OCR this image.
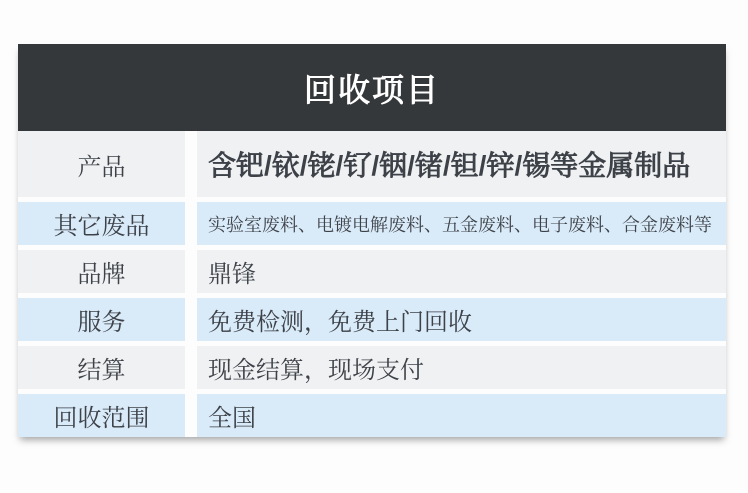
回收项目
产品	含钯/铱/铑/钌/铟/锗/钽/锌/锡等金属制品
其它废品	实验室废料、电镀电解废料、五金废料、电子废料、合金废料等
品牌	鼎锋
服务	免费检测，免费上门回收
结算	现金结算，现场支付
回收范围	全国
